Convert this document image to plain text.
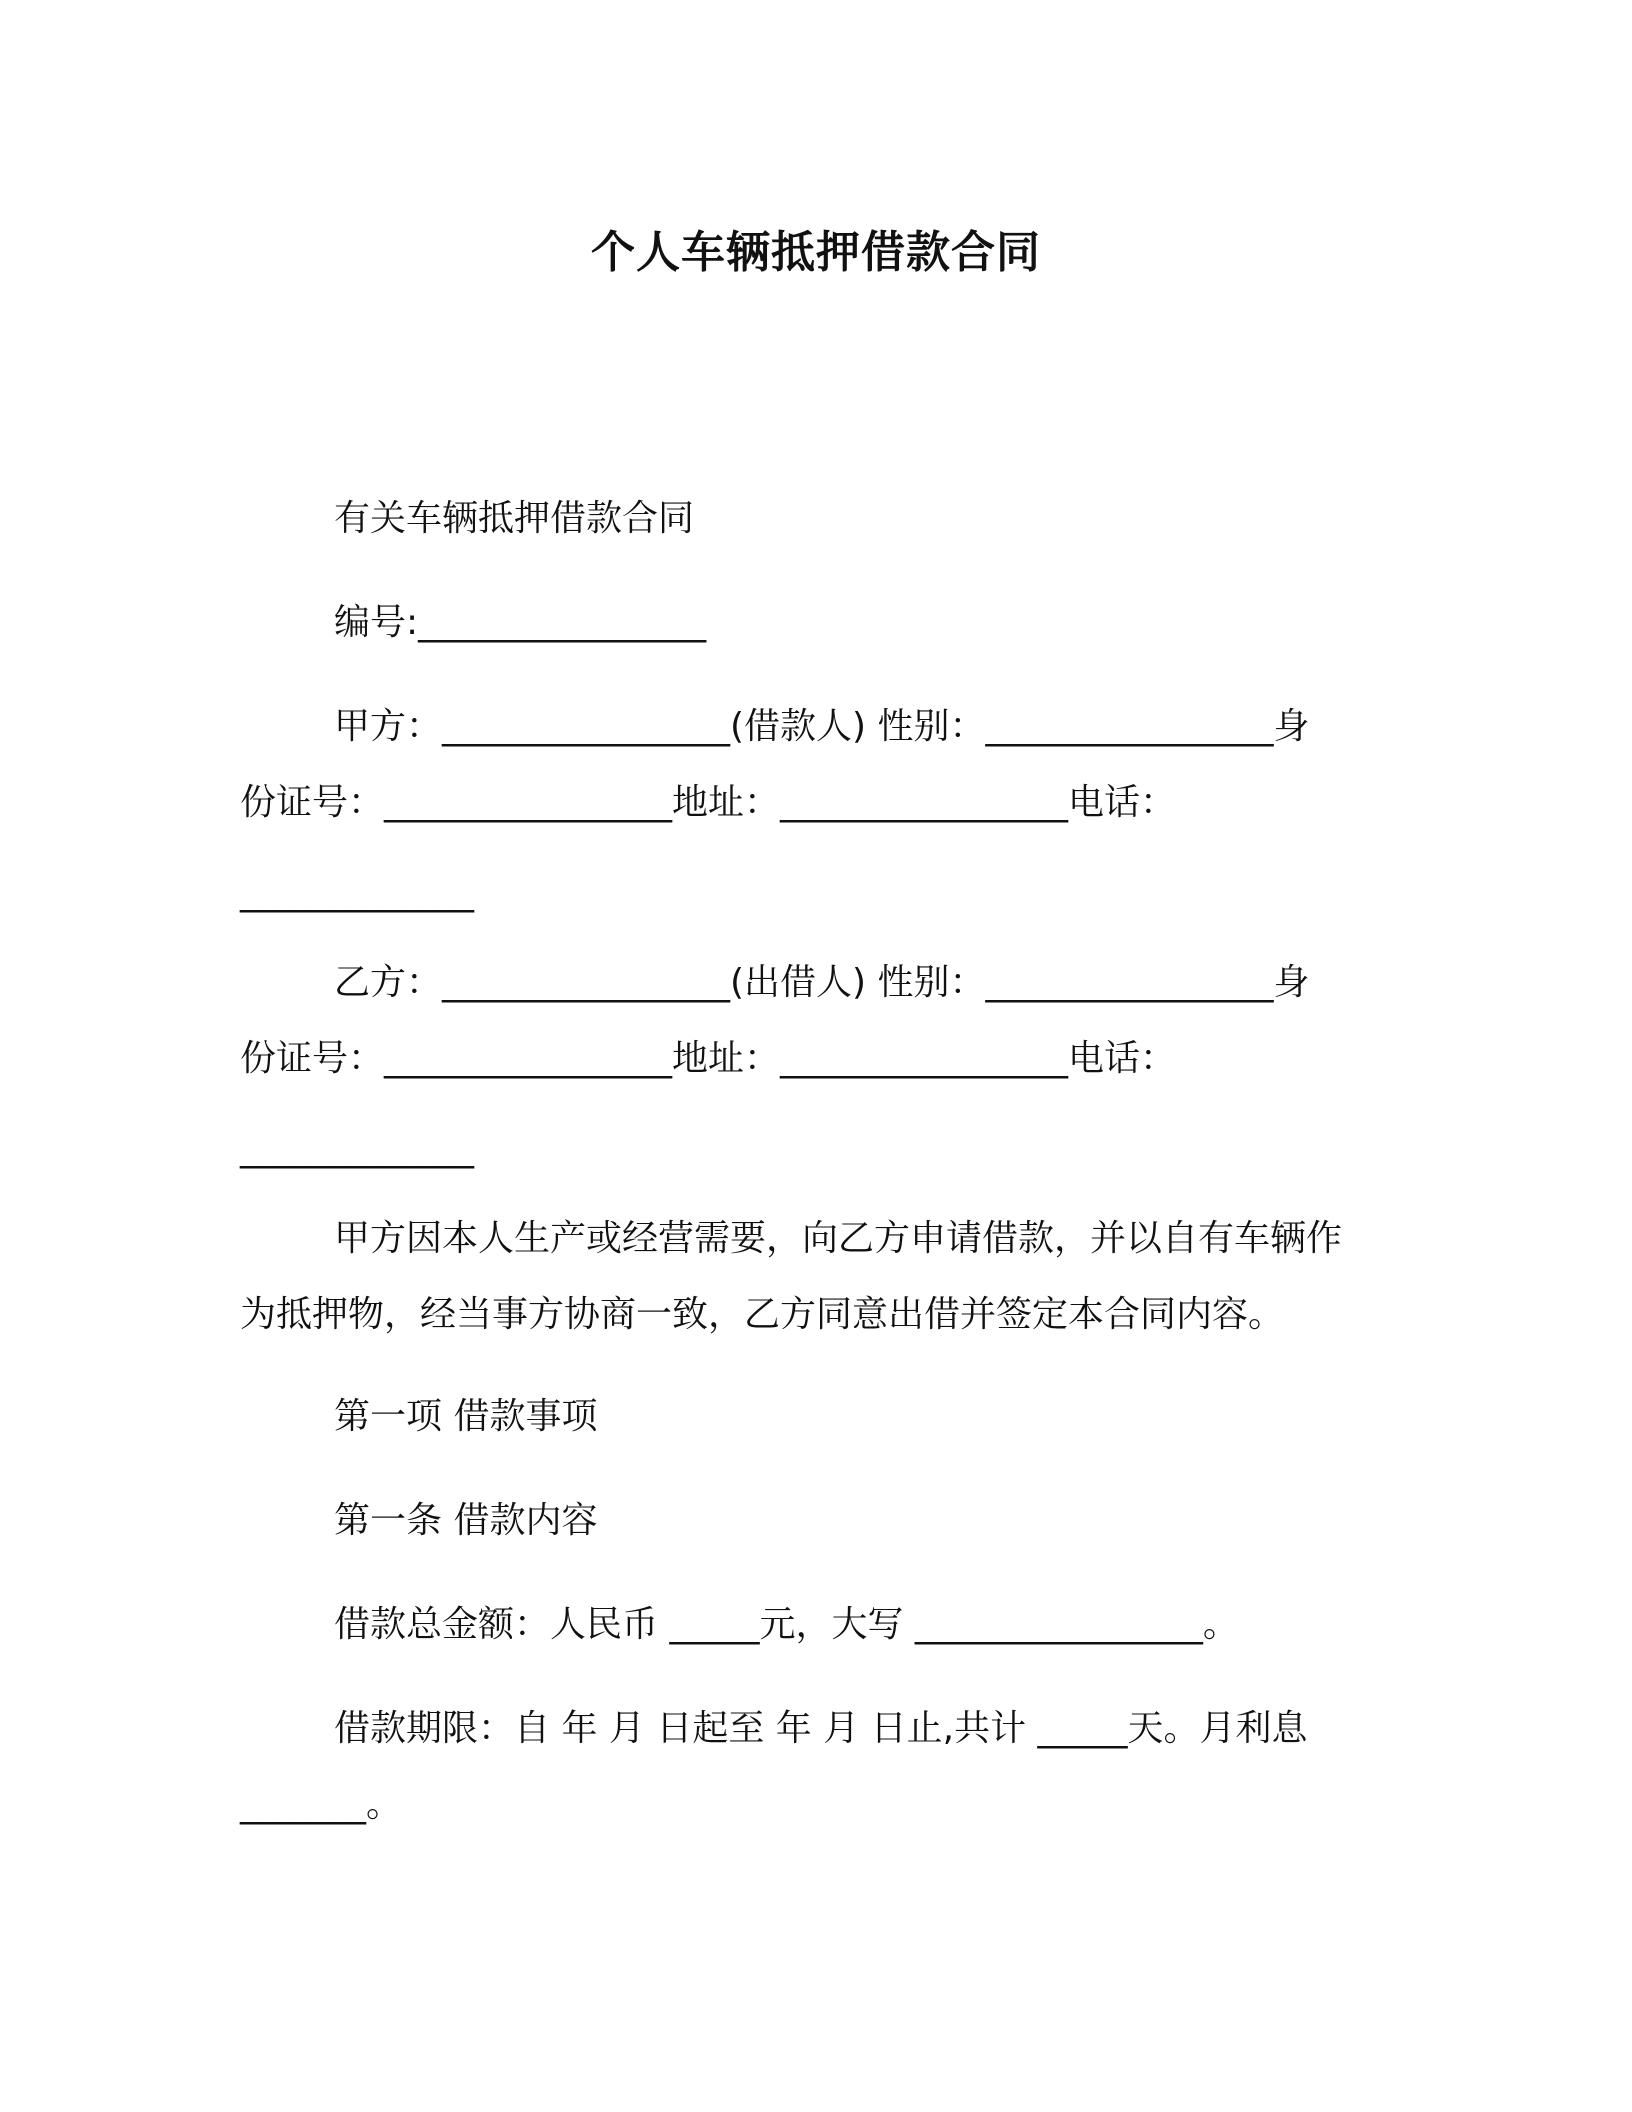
个人车辆抵押借款合同
有关车辆抵押借款合同
编号:________________
甲方：________________(借款人) 性别：________________身
份证号：________________地址：________________电话：
_____________
乙方：________________(出借人) 性别：________________身
份证号：________________地址：________________电话：
_____________
甲方因本人生产或经营需要，向乙方申请借款，并以自有车辆作
为抵押物，经当事方协商一致，乙方同意出借并签定本合同内容。
第一项 借款事项
第一条 借款内容
借款总金额：人民币 _____元，大写 ________________。
借款期限：自 年 月 日起至 年 月 日止,共计 _____天。月利息
_______。
